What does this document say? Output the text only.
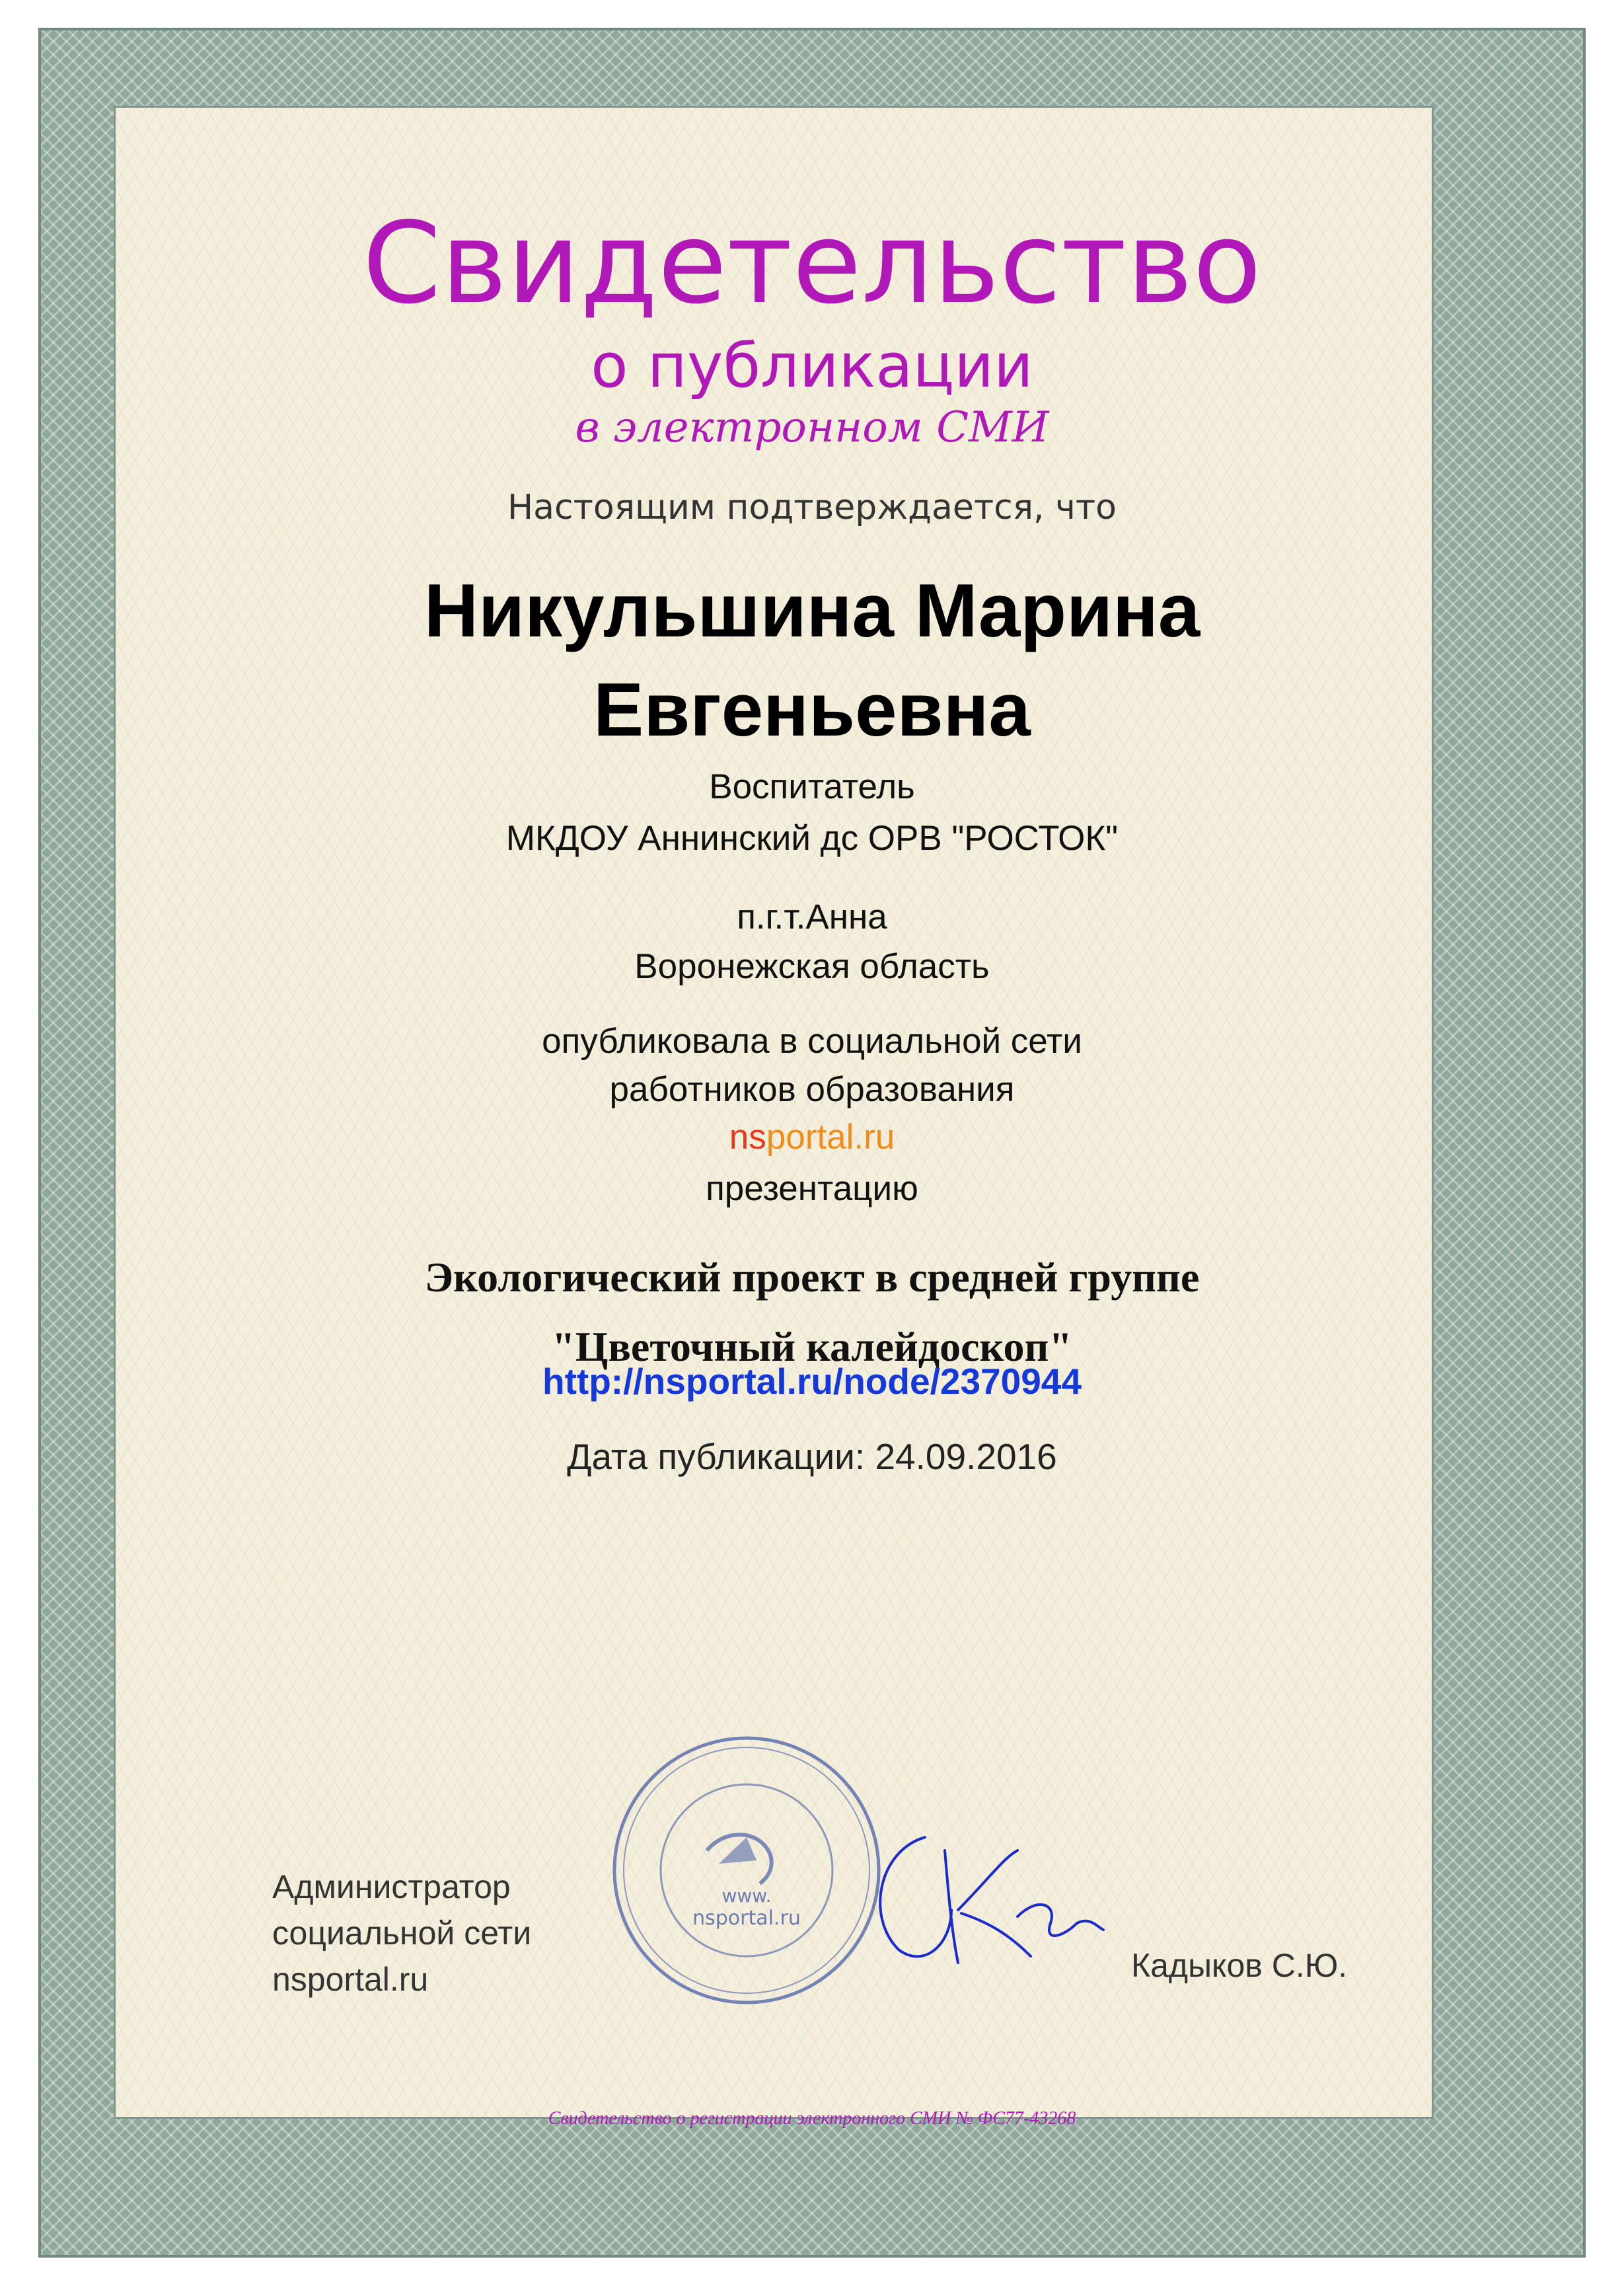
Свидетельство

о публикации

в электронном СМИ

Настоящим подтверждается, что

Никульшина Марина
Евгеньевна

Воспитатель

МКДОУ Аннинский дс ОРВ "РОСТОК"

п.г.т.Анна

Воронежская область

опубликовала в социальной сети

работников образования

nsportal.ru

презентацию

Экологический проект в средней группе
"Цветочный калейдоскоп"

http://nsportal.ru/node/2370944

Дата публикации: 24.09.2016

Администратор
социальной сети
nsportal.ru
www.
nsportal.ru
Кадыков С.Ю.
Свидетельство о регистрации электронного СМИ № ФС77-43268
